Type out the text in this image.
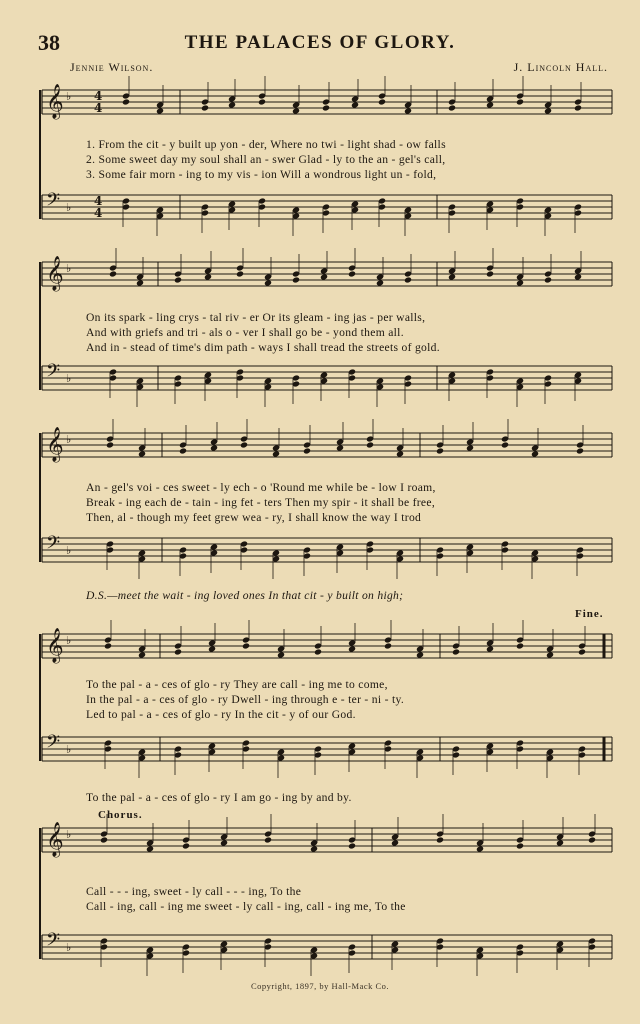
38	THE PALACES OF GLORY.
Jennie Wilson.	J. Lincoln Hall.
𝄞 ♭
𝄢 ♭
𝄞 ♭
𝄢 ♭
𝄞 ♭
𝄢 ♭
𝄞 ♭
𝄢 ♭
𝄞 ♭
𝄢 ♭
4
4
4
4
1. From the cit - y built up yon - der, Where no twi - light shad - ow falls
2. Some sweet day my soul shall an - swer Glad - ly to the an - gel's call,
3. Some fair morn - ing to my vis - ion Will a wondrous light un - fold,
On its spark - ling crys - tal riv - er Or its gleam - ing jas - per walls,
And with griefs and tri - als o - ver I shall go be - yond them all.
And in - stead of time's dim path - ways I shall tread the streets of gold.
An - gel's voi - ces sweet - ly ech - o 'Round me while be - low I roam,
Break - ing each de - tain - ing fet - ters Then my spir - it shall be free,
Then, al - though my feet grew wea - ry, I shall know the way I trod
D.S.—meet the wait - ing loved ones In that cit - y built on high;
Fine.
To the pal - a - ces of glo - ry They are call - ing me to come,
In the pal - a - ces of glo - ry Dwell - ing through e - ter - ni - ty.
Led to pal - a - ces of glo - ry In the cit - y of our God.
To the pal - a - ces of glo - ry I am go - ing by and by.
Chorus.
Call - - - ing, sweet - ly call - - - ing, To the
Call - ing, call - ing me sweet - ly call - ing, call - ing me, To the
Copyright, 1897, by Hall-Mack Co.
